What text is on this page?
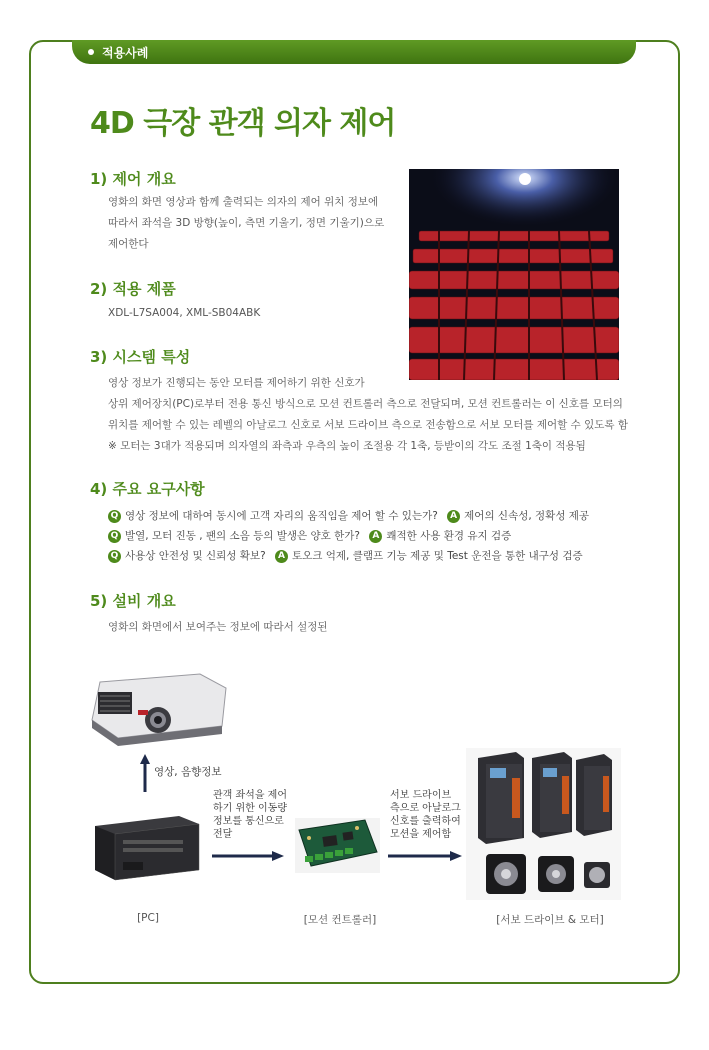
적용사례
4D 극장 관객 의자 제어
1) 제어 개요

영화의 화면 영상과 함께 출력되는 의자의 제어 위치 정보에

따라서 좌석을 3D 방향(높이, 측면 기울기, 정면 기울기)으로

제어한다

2) 적용 제품

XDL-L7SA004, XML-SB04ABK

3) 시스템 특성

영상 정보가 진행되는 동안 모터를 제어하기 위한 신호가

상위 제어장치(PC)로부터 전용 통신 방식으로 모션 컨트롤러 측으로 전달되며, 모션 컨트롤러는 이 신호를 모터의

위치를 제어할 수 있는 레벨의 아날로그 신호로 서보 드라이브 측으로 전송함으로 서보 모터를 제어할 수 있도록 함

※ 모터는 3대가 적용되며 의자열의 좌측과 우측의 높이 조절용 각 1축, 등받이의 각도 조절 1축이 적용됨

4) 주요 요구사항
Q 영상 정보에 대하여 동시에 고객 자리의 움직임을 제어 할 수 있는가? A 제어의 신속성, 정확성 제공
Q 발열, 모터 진동 , 팬의 소음 등의 발생은 양호 한가? A 쾌적한 사용 환경 유지 검증
Q 사용상 안전성 및 신뢰성 확보? A 토오크 억제, 클램프 기능 제공 및 Test 운전을 통한 내구성 검증
5) 설비 개요

영화의 화면에서 보여주는 정보에 따라서 설정된

영상, 음향정보
관객 좌석을 제어
하기 위한 이동량
정보를 통신으로
전달
서보 드라이브
측으로 아날로그
신호를 출력하여
모션을 제어함
[PC]	[모션 컨트롤러]	[서보 드라이브 & 모터]
